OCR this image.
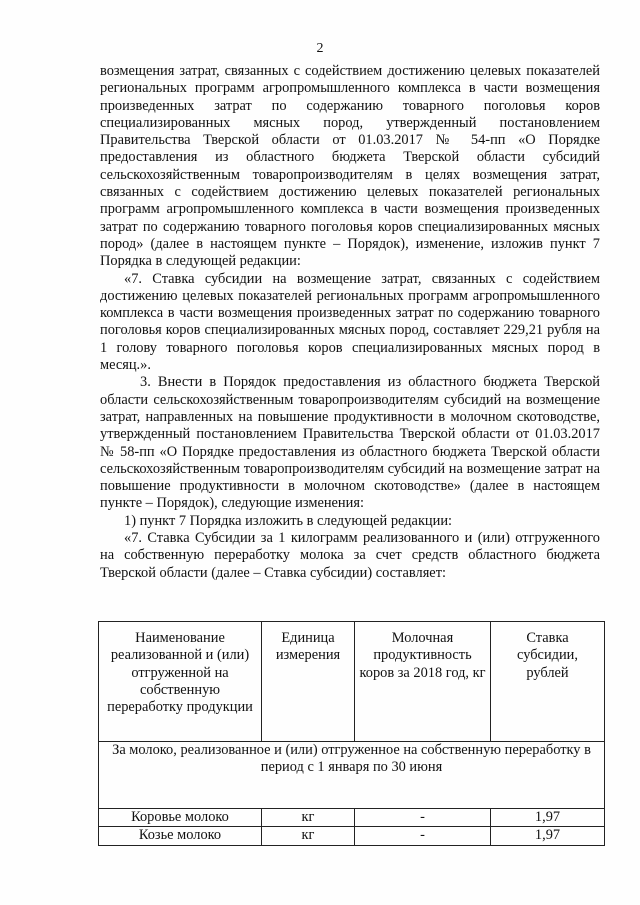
2

возмещения затрат, связанных с содействием достижению целевых показателей региональных программ агропромышленного комплекса в части возмещения произведенных затрат по содержанию товарного поголовья коров специализированных мясных пород, утвержденный постановлением Правительства Тверской области от 01.03.2017 № 54-пп «О Порядке предоставления из областного бюджета Тверской области субсидий сельскохозяйственным товаропроизводителям в целях возмещения затрат, связанных с содействием достижению целевых показателей региональных программ агропромышленного комплекса в части возмещения произведенных затрат по содержанию товарного поголовья коров специализированных мясных пород» (далее в настоящем пункте – Порядок), изменение, изложив пункт 7 Порядка в следующей редакции:

«7. Ставка субсидии на возмещение затрат, связанных с содействием достижению целевых показателей региональных программ агропромышленного комплекса в части возмещения произведенных затрат по содержанию товарного поголовья коров специализированных мясных пород, составляет 229,21 рубля на 1 голову товарного поголовья коров специализированных мясных пород в месяц.».

3. Внести в Порядок предоставления из областного бюджета Тверской области сельскохозяйственным товаропроизводителям субсидий на возмещение затрат, направленных на повышение продуктивности в молочном скотоводстве, утвержденный постановлением Правительства Тверской области от 01.03.2017 № 58-пп «О Порядке предоставления из областного бюджета Тверской области сельскохозяйственным товаропроизводителям субсидий на возмещение затрат на повышение продуктивности в молочном скотоводстве» (далее в настоящем пункте – Порядок), следующие изменения:

1) пункт 7 Порядка изложить в следующей редакции:

«7. Ставка Субсидии за 1 килограмм реализованного и (или) отгруженного на собственную переработку молока за счет средств областного бюджета Тверской области (далее – Ставка субсидии) составляет:

Наименование реализованной и (или) отгруженной на собственную переработку продукции	Единица измерения	Молочная продуктивность коров за 2018 год, кг	Ставка субсидии, рублей
За молоко, реализованное и (или) отгруженное на собственную переработку в период с 1 января по 30 июня			
Коровье молоко	кг	-	1,97
Козье молоко	кг	-	1,97
